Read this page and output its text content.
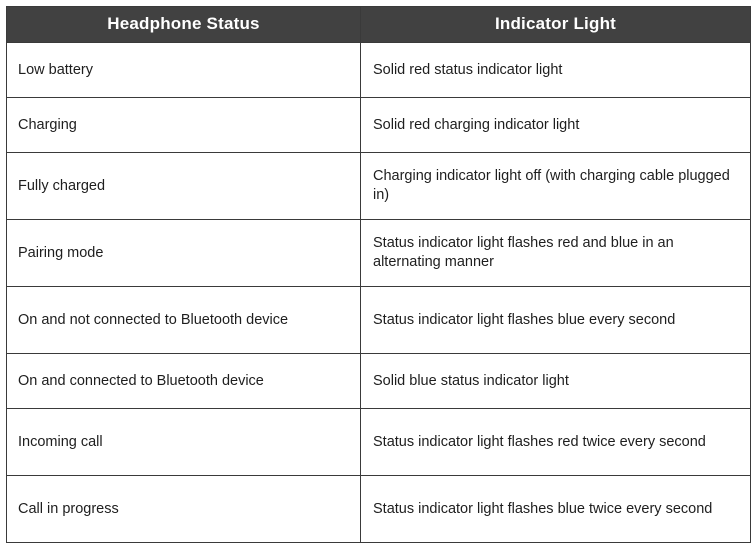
Headphone Status	Indicator Light
Low battery	Solid red status indicator light
Charging	Solid red charging indicator light
Fully charged	Charging indicator light off (with charging cable plugged in)
Pairing mode	Status indicator light flashes red and blue in an alternating manner
On and not connected to Bluetooth device	Status indicator light flashes blue every second
On and connected to Bluetooth device	Solid blue status indicator light
Incoming call	Status indicator light flashes red twice every second
Call in progress	Status indicator light flashes blue twice every second
